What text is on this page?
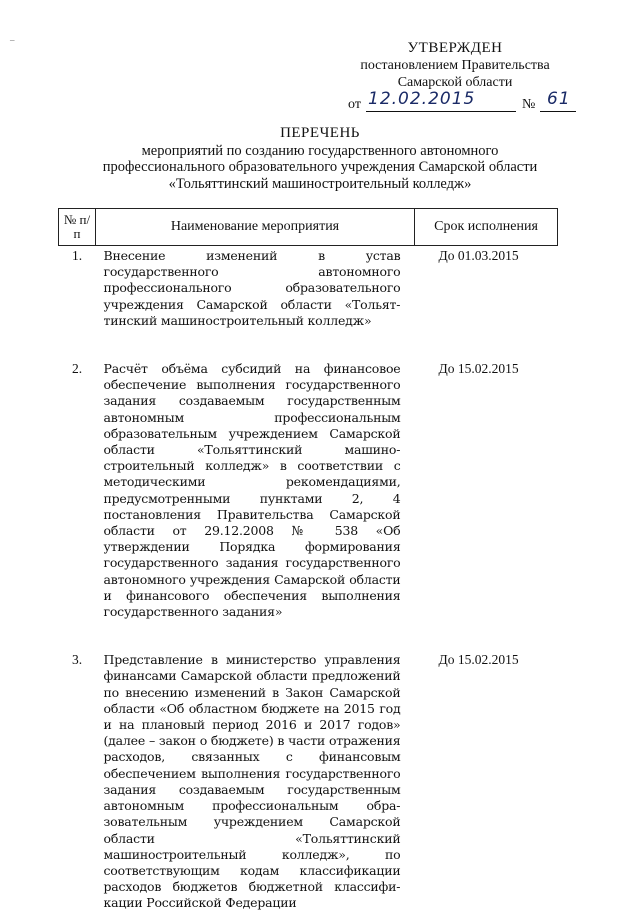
–	УТВЕРЖДЕН
постановлением Правительства
Самарской области
от 12.02.2015	№ 61
ПЕРЕЧЕНЬ
мероприятий по созданию государственного автономного
профессионального образовательного учреждения Самарской области
«Тольяттинский машиностроительный колледж»
№ п/п	Наименование мероприятия	Срок исполнения
1.	Внесение изменений в устав государственного автономного профессионального образовательного учреждения Самарской области «Тольяттинский машиностроительный колледж»	До 01.03.2015

2.	Расчёт объёма субсидий на финансовое обеспечение выполнения государственного задания создаваемым государственным автономным профессиональным образовательным учреждением Самарской области «Тольяттинский машиностроительный колледж» в соответствии с методическими рекомендациями, предусмотренными пунктами 2, 4 постановления Правительства Самарской области от 29.12.2008 № 538 «Об утверждении Порядка формирования государственного задания государственного автономного учреждения Самарской области и финансового обеспечения выполнения государственного задания»	До 15.02.2015

3.	Представление в министерство управления финансами Самарской области предложений по внесению изменений в Закон Самарской области «Об областном бюджете на 2015 год и на плановый период 2016 и 2017 годов» (далее – закон о бюджете) в части отражения расходов, связанных с финансовым обеспечением выполнения государственного задания создаваемым государственным автономным профессиональным образовательным учреждением Самарской области «Тольяттинский машиностроительный колледж», по соответствующим кодам классификации расходов бюджетов бюджетной классификации Российской Федерации	До 15.02.2015
